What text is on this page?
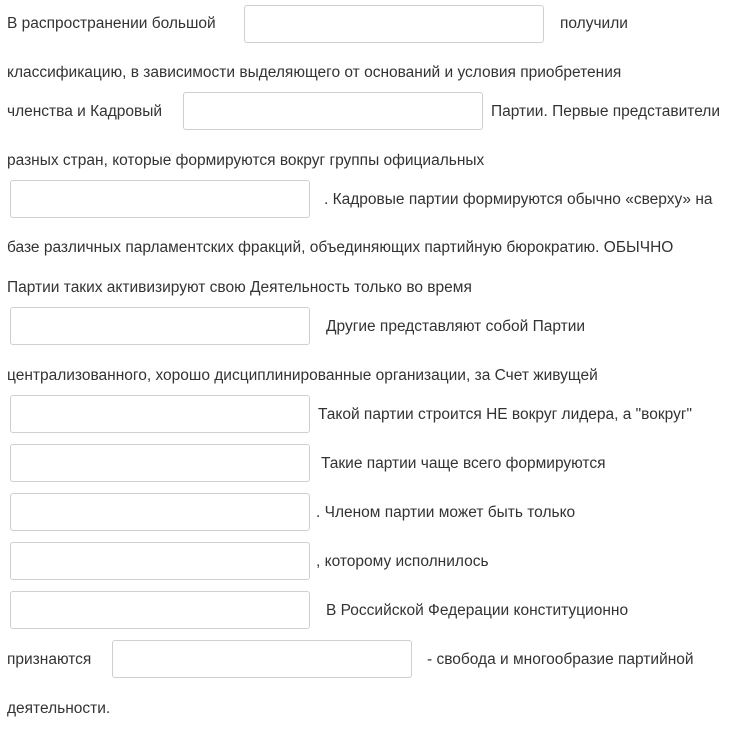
В распространении большой	получили
классификацию, в зависимости выделяющего от оснований и условия приобретения
членства и Кадровый	Партии. Первые представители
разных стран, которые формируются вокруг группы официальных
. Кадровые партии формируются обычно «сверху» на
базе различных парламентских фракций, объединяющих партийную бюрократию. ОБЫЧНО
Партии таких активизируют свою Деятельность только во время
Другие представляют собой Партии
централизованного, хорошо дисциплинированные организации, за Счет живущей
Такой партии строится НЕ вокруг лидера, а "вокруг"
Такие партии чаще всего формируются
. Членом партии может быть только
, которому исполнилось
В Российской Федерации конституционно
признаются	- свобода и многообразие партийной
деятельности.
